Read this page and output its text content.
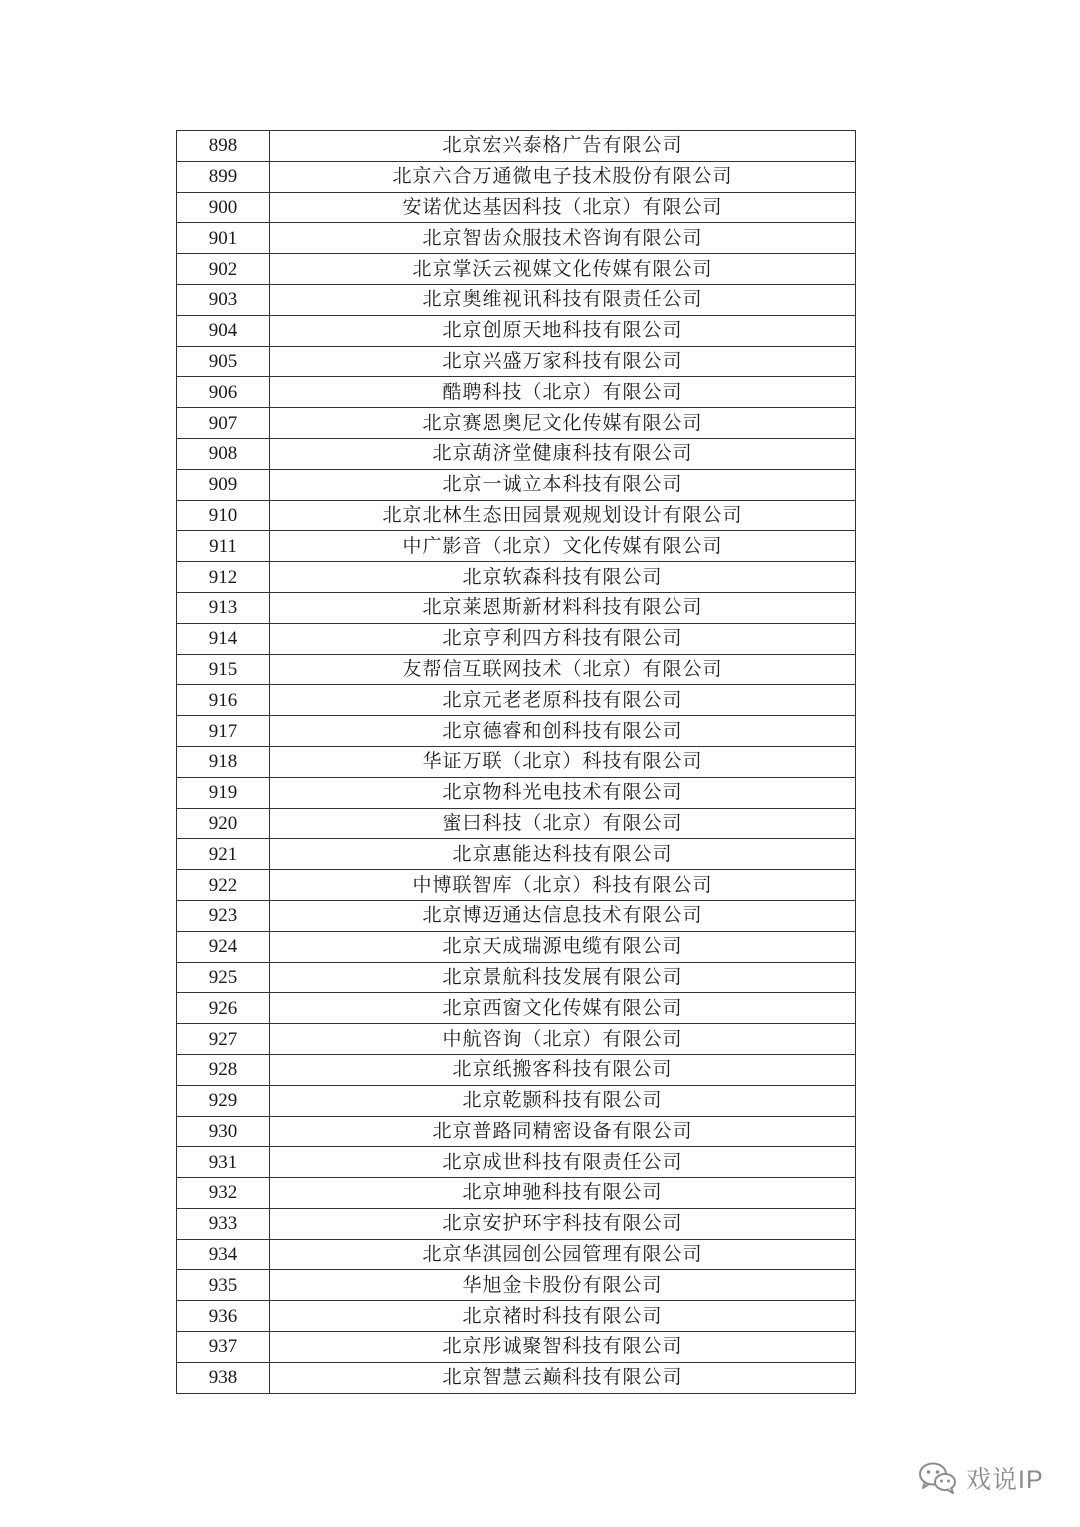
898	北京宏兴泰格广告有限公司
899	北京六合万通微电子技术股份有限公司
900	安诺优达基因科技（北京）有限公司
901	北京智齿众服技术咨询有限公司
902	北京掌沃云视媒文化传媒有限公司
903	北京奥维视讯科技有限责任公司
904	北京创原天地科技有限公司
905	北京兴盛万家科技有限公司
906	酷聘科技（北京）有限公司
907	北京赛恩奥尼文化传媒有限公司
908	北京葫济堂健康科技有限公司
909	北京一诚立本科技有限公司
910	北京北林生态田园景观规划设计有限公司
911	中广影音（北京）文化传媒有限公司
912	北京软森科技有限公司
913	北京莱恩斯新材料科技有限公司
914	北京亨利四方科技有限公司
915	友帮信互联网技术（北京）有限公司
916	北京元老老原科技有限公司
917	北京德睿和创科技有限公司
918	华证万联（北京）科技有限公司
919	北京物科光电技术有限公司
920	蜜曰科技（北京）有限公司
921	北京惠能达科技有限公司
922	中博联智库（北京）科技有限公司
923	北京博迈通达信息技术有限公司
924	北京天成瑞源电缆有限公司
925	北京景航科技发展有限公司
926	北京西窗文化传媒有限公司
927	中航咨询（北京）有限公司
928	北京纸搬客科技有限公司
929	北京乾颢科技有限公司
930	北京普路同精密设备有限公司
931	北京成世科技有限责任公司
932	北京坤驰科技有限公司
933	北京安护环宇科技有限公司
934	北京华淇园创公园管理有限公司
935	华旭金卡股份有限公司
936	北京褚时科技有限公司
937	北京彤诚聚智科技有限公司
938	北京智慧云巅科技有限公司
戏说IP
